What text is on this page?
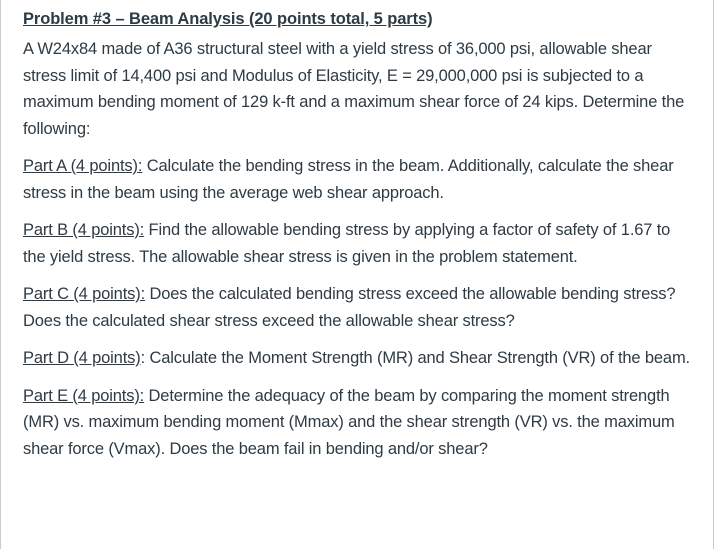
Problem #3 – Beam Analysis (20 points total, 5 parts)

A W24x84 made of A36 structural steel with a yield stress of 36,000 psi, allowable shear stress limit of 14,400 psi and Modulus of Elasticity, E = 29,000,000 psi is subjected to a maximum bending moment of 129 k-ft and a maximum shear force of 24 kips. Determine the following:

Part A (4 points): Calculate the bending stress in the beam. Additionally, calculate the shear stress in the beam using the average web shear approach.

Part B (4 points): Find the allowable bending stress by applying a factor of safety of 1.67 to the yield stress. The allowable shear stress is given in the problem statement.

Part C (4 points): Does the calculated bending stress exceed the allowable bending stress? Does the calculated shear stress exceed the allowable shear stress?

Part D (4 points): Calculate the Moment Strength (MR) and Shear Strength (VR) of the beam.

Part E (4 points): Determine the adequacy of the beam by comparing the moment strength (MR) vs. maximum bending moment (Mmax) and the shear strength (VR) vs. the maximum shear force (Vmax). Does the beam fail in bending and/or shear?
